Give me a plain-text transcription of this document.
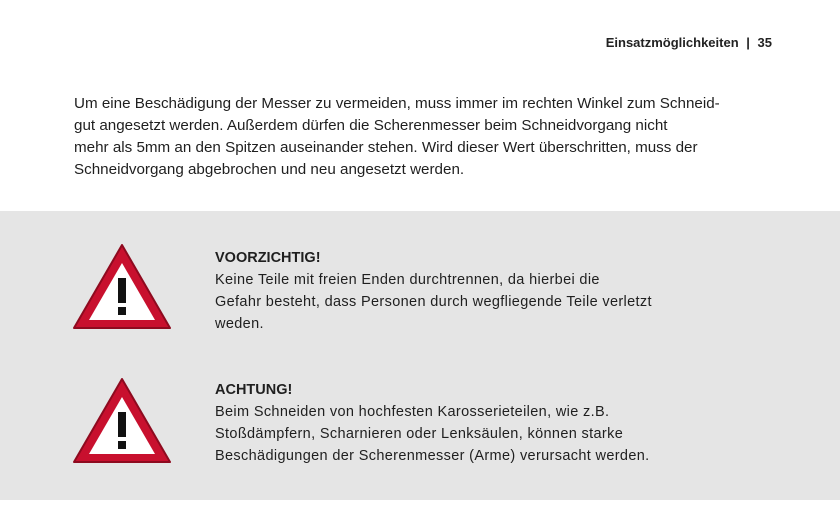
Einsatzmöglichkeiten | 35

Um eine Beschädigung der Messer zu vermeiden, muss immer im rechten Winkel zum Schneid-

gut angesetzt werden. Außerdem dürfen die Scherenmesser beim Schneidvorgang nicht

mehr als 5mm an den Spitzen auseinander stehen. Wird dieser Wert überschritten, muss der

Schneidvorgang abgebrochen und neu angesetzt werden.

VOORZICHTIG!

Keine Teile mit freien Enden durchtrennen, da hierbei die

Gefahr besteht, dass Personen durch wegfliegende Teile verletzt

weden.

ACHTUNG!

Beim Schneiden von hochfesten Karosserieteilen, wie z.B.

Stoßdämpfern, Scharnieren oder Lenksäulen, können starke

Beschädigungen der Scherenmesser (Arme) verursacht werden.
